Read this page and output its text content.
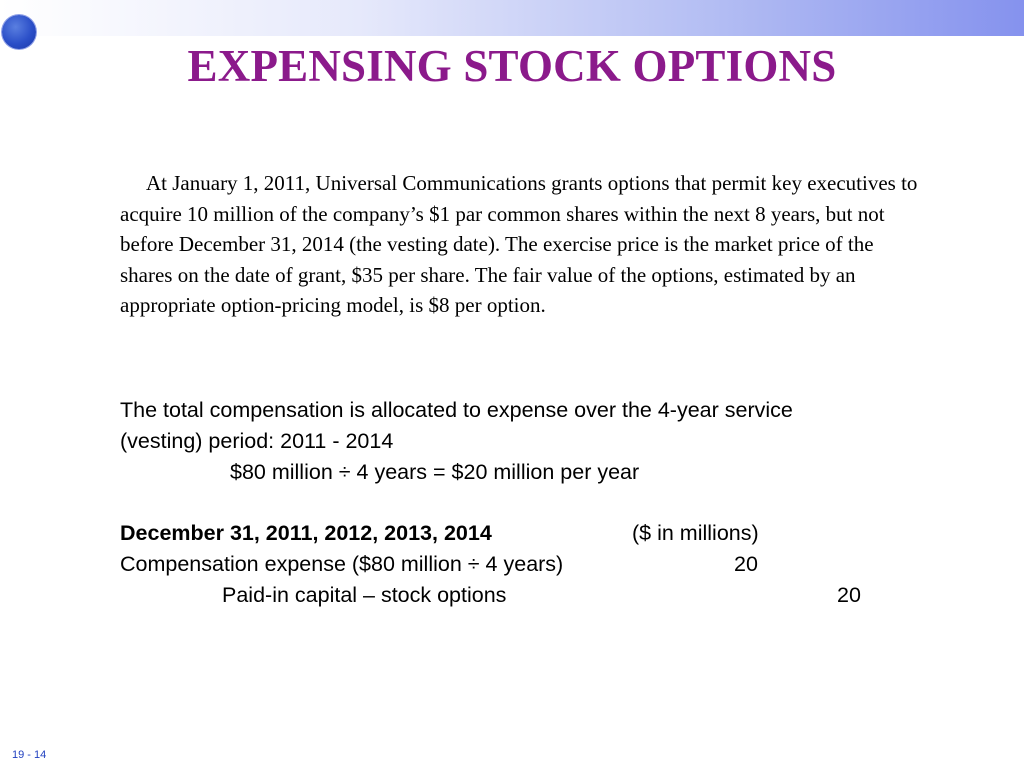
EXPENSING STOCK OPTIONS
At January 1, 2011, Universal Communications grants options that permit key executives to acquire 10 million of the company’s $1 par common shares within the next 8 years, but not before December 31, 2014 (the vesting date). The exercise price is the market price of the shares on the date of grant, $35 per share. The fair value of the options, estimated by an appropriate option-pricing model, is $8 per option.
The total compensation is allocated to expense over the 4-year service
(vesting) period: 2011 - 2014
$80 million ÷ 4 years = $20 million per year
December 31, 2011, 2012, 2013, 2014	($ in millions)
Compensation expense ($80 million ÷ 4 years)	20
Paid-in capital – stock options	20
19 - 14
